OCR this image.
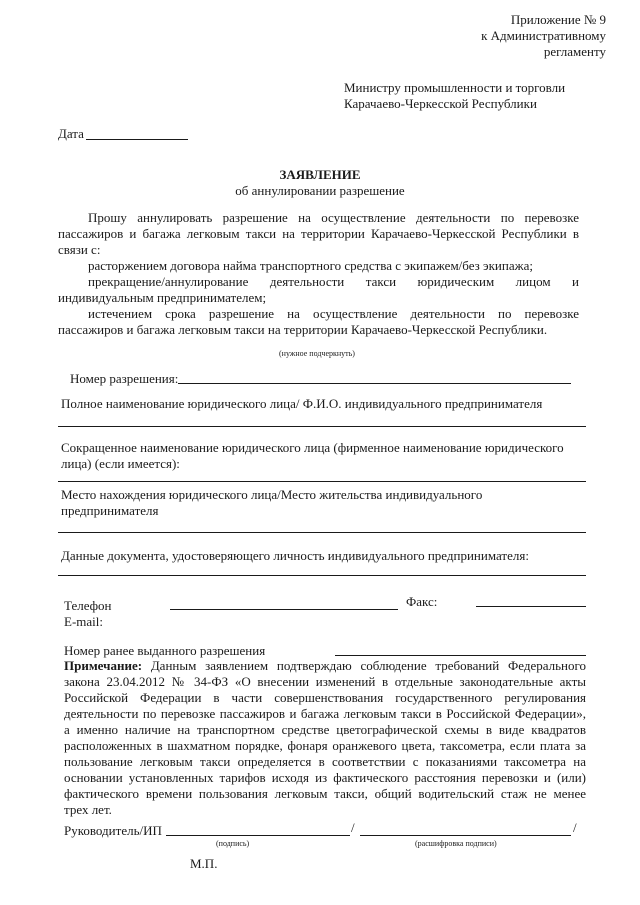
Приложение № 9
к Административному
регламенту
Министру промышленности и торговли
Карачаево-Черкесской Республики
Дата
ЗАЯВЛЕНИЕ
об аннулировании разрешение
Прошу аннулировать разрешение на осуществление деятельности по перевозке
пассажиров и багажа легковым такси на территории Карачаево-Черкесской Республики в
связи с:
расторжением договора найма транспортного средства с экипажем/без экипажа;
прекращение/аннулирование деятельности такси юридическим лицом и
индивидуальным предпринимателем;
истечением срока разрешение на осуществление деятельности по перевозке
пассажиров и багажа легковым такси на территории Карачаево-Черкесской Республики.
(нужное подчеркнуть)
Номер разрешения:
Полное наименование юридического лица/ Ф.И.О. индивидуального предпринимателя
Сокращенное наименование юридического лица (фирменное наименование юридического
лица) (если имеется):
Место нахождения юридического лица/Место жительства индивидуального
предпринимателя
Данные документа, удостоверяющего личность индивидуального предпринимателя:
Телефон	Факс:
E-mail:
Номер ранее выданного разрешения
Примечание: Данным заявлением подтверждаю соблюдение требований Федерального
закона 23.04.2012 № 34-ФЗ «О внесении изменений в отдельные законодательные акты
Российской Федерации в части совершенствования государственного регулирования
деятельности по перевозке пассажиров и багажа легковым такси в Российской Федерации»,
а именно наличие на транспортном средстве цветографической схемы в виде квадратов
расположенных в шахматном порядке, фонаря оранжевого цвета, таксометра, если плата за
пользование легковым такси определяется в соответствии с показаниями таксометра на
основании установленных тарифов исходя из фактического расстояния перевозки и (или)
фактического времени пользования легковым такси, общий водительский стаж не менее
трех лет.
Руководитель/ИП	/	/
(подпись)	(расшифровка подписи)
М.П.
